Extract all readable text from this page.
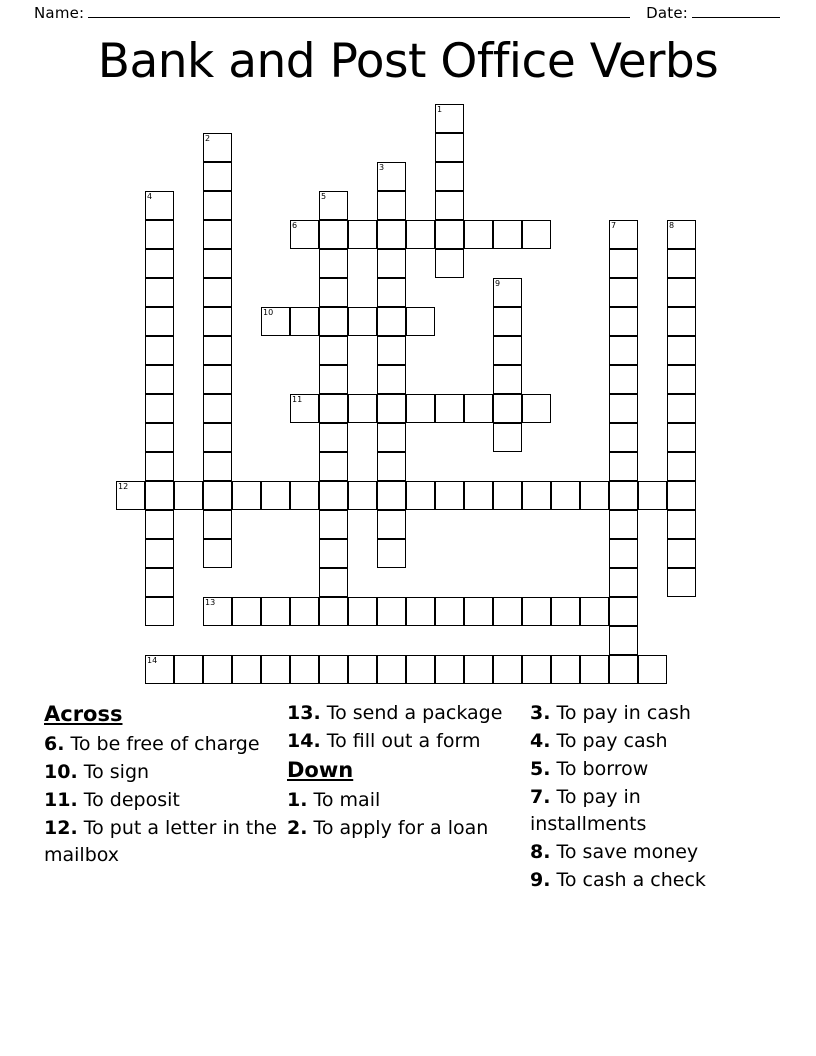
Name:	Date:
Bank and Post Office Verbs
1
2
3
4	5
6	7	8
9
10
11
12
13
14
Across
6. To be free of charge
10. To sign
11. To deposit
12. To put a letter in the mailbox
13. To send a package
14. To fill out a form
Down
1. To mail
2. To apply for a loan
3. To pay in cash
4. To pay cash
5. To borrow
7. To pay in installments
8. To save money
9. To cash a check
